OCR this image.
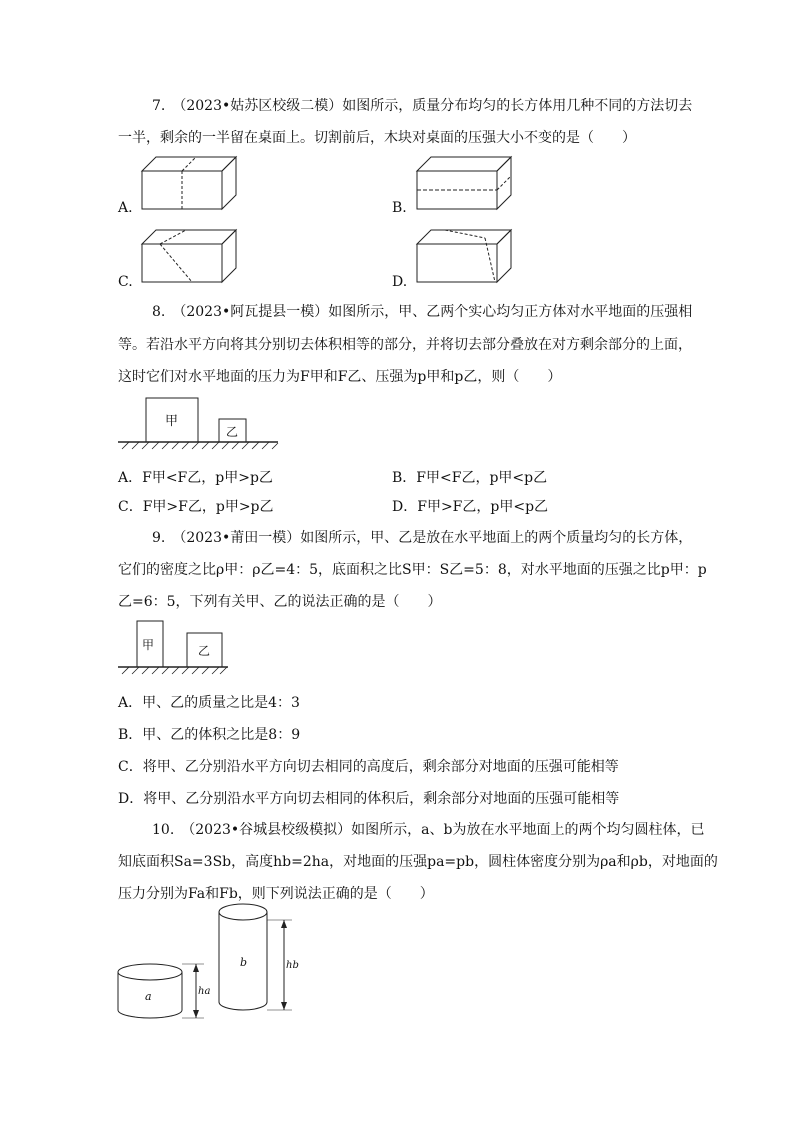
7.　（2023•姑苏区校级二模）如图所示，质量分布均匀的长方体用几种不同的方法切去
一半，剩余的一半留在桌面上。切割前后，木块对桌面的压强大小不变的是（　　）
A.	B.
C.	D.
8.　（2023•阿瓦提县一模）如图所示，甲、乙两个实心均匀正方体对水平地面的压强相
等。若沿水平方向将其分别切去体积相等的部分，并将切去部分叠放在对方剩余部分的上面，
这时它们对水平地面的压力为F甲和F乙、压强为p甲和p乙，则（　　）
甲
乙
A．F甲<F乙，p甲>p乙	B．F甲<F乙，p甲<p乙
C．F甲>F乙，p甲>p乙	D．F甲>F乙，p甲<p乙
9.　（2023•莆田一模）如图所示，甲、乙是放在水平地面上的两个质量均匀的长方体，
它们的密度之比ρ甲：ρ乙=4：5，底面积之比S甲：S乙=5：8，对水平地面的压强之比p甲：p
乙=6：5，下列有关甲、乙的说法正确的是（　　）
甲	乙
A．甲、乙的质量之比是4：3
B．甲、乙的体积之比是8：9
C．将甲、乙分别沿水平方向切去相同的高度后，剩余部分对地面的压强可能相等
D．将甲、乙分别沿水平方向切去相同的体积后，剩余部分对地面的压强可能相等
10.　（2023•谷城县校级模拟）如图所示，a、b为放在水平地面上的两个均匀圆柱体，已
知底面积Sa=3Sb，高度hb=2ha，对地面的压强pa=pb，圆柱体密度分别为ρa和ρb，对地面的
压力分别为Fa和Fb，则下列说法正确的是（　　）
a
b
ha
hb
